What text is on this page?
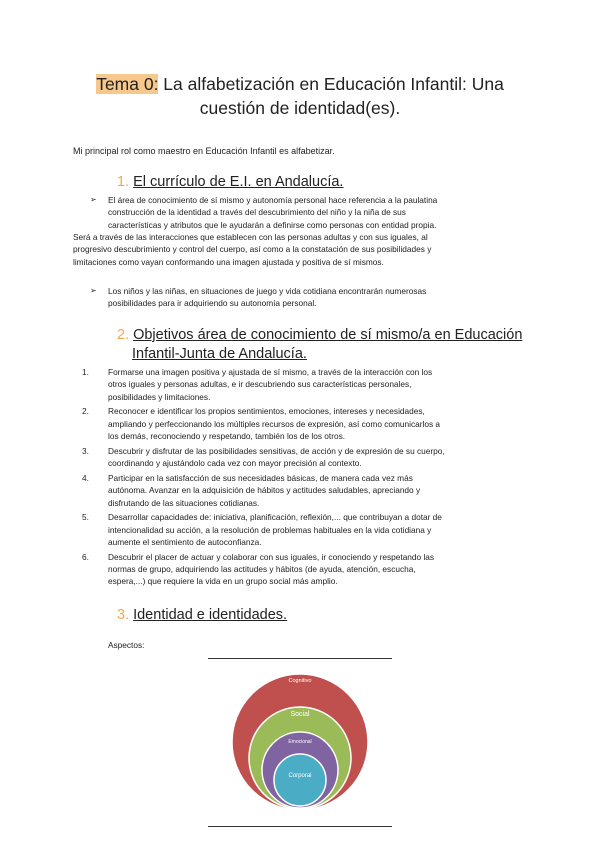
Tema 0: La alfabetización en Educación Infantil: Una
cuestión de identidad(es).
Mi principal rol como maestro en Educación Infantil es alfabetizar.
1. El currículo de E.I. en Andalucía.
➢ El área de conocimiento de sí mismo y autonomía personal hace referencia a la paulatina
construcción de la identidad a través del descubrimiento del niño y la niña de sus
características y atributos que le ayudarán a definirse como personas con entidad propia.
Será a través de las interacciones que establecen con las personas adultas y con sus iguales, al
progresivo descubrimiento y control del cuerpo, así como a la constatación de sus posibilidades y
limitaciones como vayan conformando una imagen ajustada y positiva de sí mismos.
➢ Los niños y las niñas, en situaciones de juego y vida cotidiana encontrarán numerosas
posibilidades para ir adquiriendo su autonomía personal.
2. Objetivos área de conocimiento de sí mismo/a en Educación
Infantil-Junta de Andalucía.
1. Formarse una imagen positiva y ajustada de sí mismo, a través de la interacción con los
otros iguales y personas adultas, e ir descubriendo sus características personales,
posibilidades y limitaciones.
2. Reconocer e identificar los propios sentimientos, emociones, intereses y necesidades,
ampliando y perfeccionando los múltiples recursos de expresión, así como comunicarlos a
los demás, reconociendo y respetando, también los de los otros.
3. Descubrir y disfrutar de las posibilidades sensitivas, de acción y de expresión de su cuerpo,
coordinando y ajustándolo cada vez con mayor precisión al contexto.
4. Participar en la satisfacción de sus necesidades básicas, de manera cada vez más
autónoma. Avanzar en la adquisición de hábitos y actitudes saludables, apreciando y
disfrutando de las situaciones cotidianas.
5. Desarrollar capacidades de: iniciativa, planificación, reflexión,... que contribuyan a dotar de
intencionalidad su acción, a la resolución de problemas habituales en la vida cotidiana y
aumente el sentimiento de autoconfianza.
6. Descubrir el placer de actuar y colaborar con sus iguales, ir conociendo y respetando las
normas de grupo, adquiriendo las actitudes y hábitos (de ayuda, atención, escucha,
espera,...) que requiere la vida en un grupo social más amplio.
3. Identidad e identidades.
Aspectos:
Cognitivo
Social
Emocional
Corporal
